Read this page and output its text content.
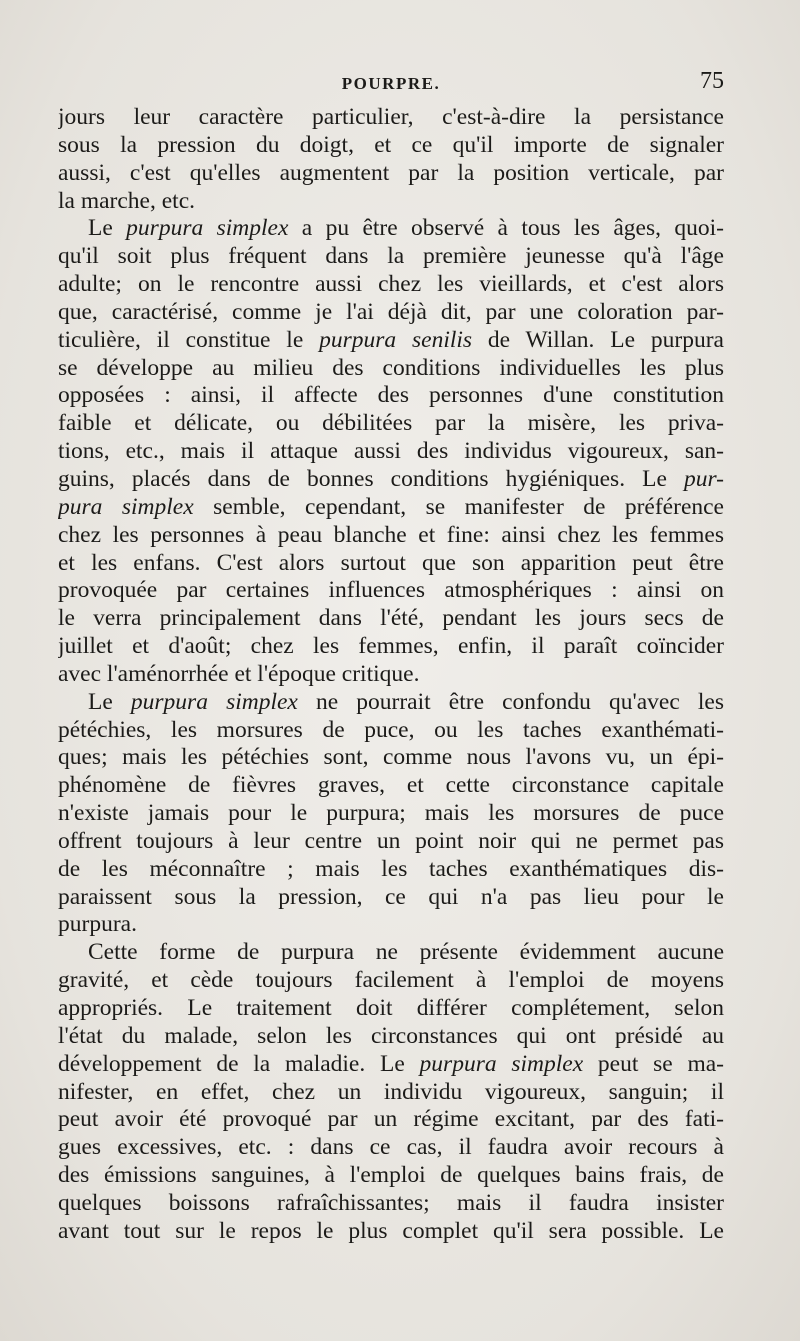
POURPRE.	75
jours leur caractère particulier, c'est-à-dire la persistance
sous la pression du doigt, et ce qu'il importe de signaler
aussi, c'est qu'elles augmentent par la position verticale, par
la marche, etc.
Le purpura simplex a pu être observé à tous les âges, quoi-
qu'il soit plus fréquent dans la première jeunesse qu'à l'âge
adulte; on le rencontre aussi chez les vieillards, et c'est alors
que, caractérisé, comme je l'ai déjà dit, par une coloration par-
ticulière, il constitue le purpura senilis de Willan. Le purpura
se développe au milieu des conditions individuelles les plus
opposées : ainsi, il affecte des personnes d'une constitution
faible et délicate, ou débilitées par la misère, les priva-
tions, etc., mais il attaque aussi des individus vigoureux, san-
guins, placés dans de bonnes conditions hygiéniques. Le pur-
pura simplex semble, cependant, se manifester de préférence
chez les personnes à peau blanche et fine: ainsi chez les femmes
et les enfans. C'est alors surtout que son apparition peut être
provoquée par certaines influences atmosphériques : ainsi on
le verra principalement dans l'été, pendant les jours secs de
juillet et d'août; chez les femmes, enfin, il paraît coïncider
avec l'aménorrhée et l'époque critique.
Le purpura simplex ne pourrait être confondu qu'avec les
pétéchies, les morsures de puce, ou les taches exanthémati-
ques; mais les pétéchies sont, comme nous l'avons vu, un épi-
phénomène de fièvres graves, et cette circonstance capitale
n'existe jamais pour le purpura; mais les morsures de puce
offrent toujours à leur centre un point noir qui ne permet pas
de les méconnaître ; mais les taches exanthématiques dis-
paraissent sous la pression, ce qui n'a pas lieu pour le
purpura.
Cette forme de purpura ne présente évidemment aucune
gravité, et cède toujours facilement à l'emploi de moyens
appropriés. Le traitement doit différer complétement, selon
l'état du malade, selon les circonstances qui ont présidé au
développement de la maladie. Le purpura simplex peut se ma-
nifester, en effet, chez un individu vigoureux, sanguin; il
peut avoir été provoqué par un régime excitant, par des fati-
gues excessives, etc. : dans ce cas, il faudra avoir recours à
des émissions sanguines, à l'emploi de quelques bains frais, de
quelques boissons rafraîchissantes; mais il faudra insister
avant tout sur le repos le plus complet qu'il sera possible. Le
